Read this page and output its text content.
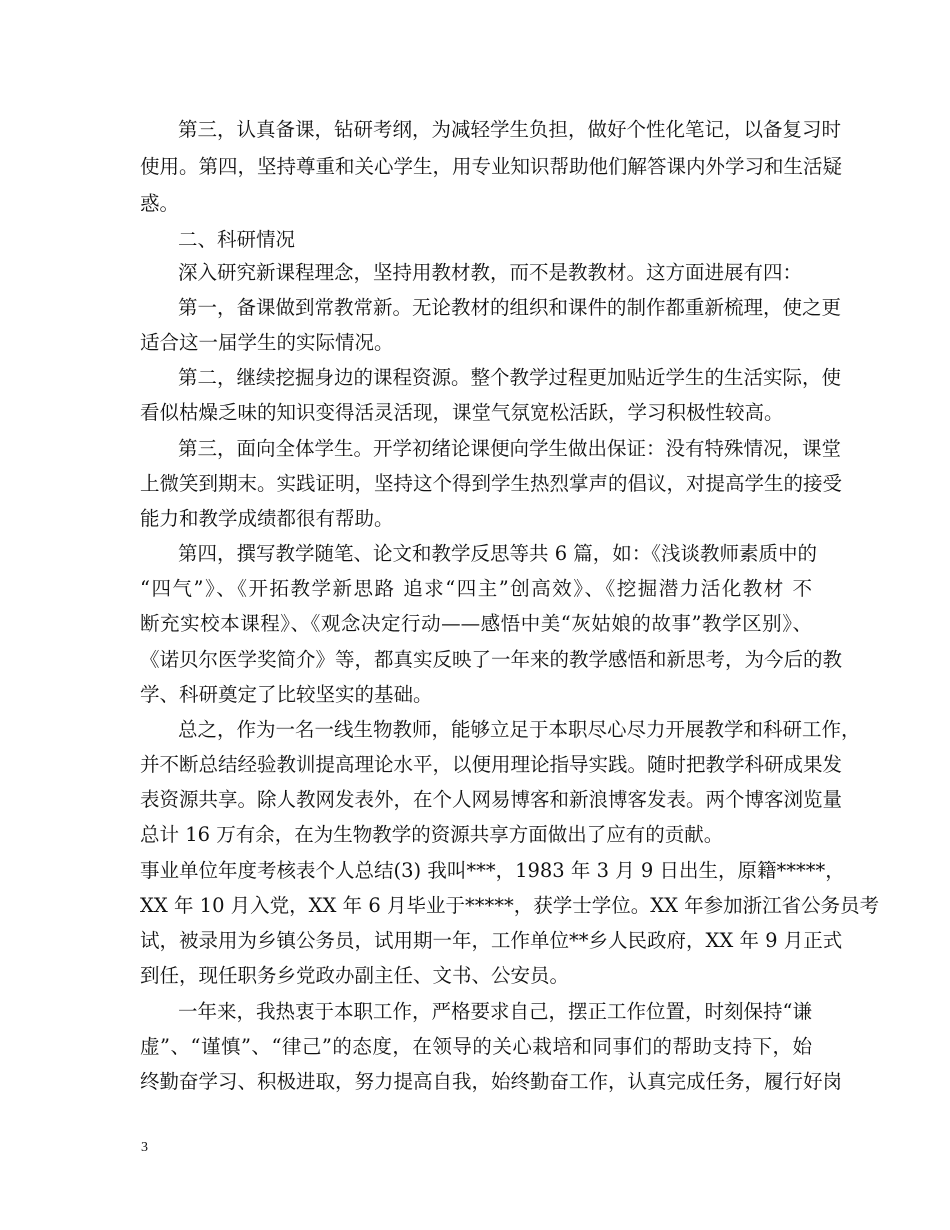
第三，认真备课，钻研考纲，为减轻学生负担，做好个性化笔记，以备复习时

使用。第四，坚持尊重和关心学生，用专业知识帮助他们解答课内外学习和生活疑

惑。

二、科研情况

深入研究新课程理念，坚持用教材教，而不是教教材。这方面进展有四：

第一，备课做到常教常新。无论教材的组织和课件的制作都重新梳理，使之更

适合这一届学生的实际情况。

第二，继续挖掘身边的课程资源。整个教学过程更加贴近学生的生活实际，使

看似枯燥乏味的知识变得活灵活现，课堂气氛宽松活跃，学习积极性较高。

第三，面向全体学生。开学初绪论课便向学生做出保证：没有特殊情况，课堂

上微笑到期末。实践证明，坚持这个得到学生热烈掌声的倡议，对提高学生的接受

能力和教学成绩都很有帮助。

第四，撰写教学随笔、论文和教学反思等共 6 篇，如：《浅谈教师素质中的

“四气”》、《开拓教学新思路 追求“四主”创高效》、《挖掘潜力活化教材 不

断充实校本课程》、《观念决定行动——感悟中美“灰姑娘的故事”教学区别》、

《诺贝尔医学奖简介》等，都真实反映了一年来的教学感悟和新思考，为今后的教

学、科研奠定了比较坚实的基础。

总之，作为一名一线生物教师，能够立足于本职尽心尽力开展教学和科研工作，

并不断总结经验教训提高理论水平，以便用理论指导实践。随时把教学科研成果发

表资源共享。除人教网发表外，在个人网易博客和新浪博客发表。两个博客浏览量

总计 16 万有余，在为生物教学的资源共享方面做出了应有的贡献。

事业单位年度考核表个人总结(3) 我叫***，1983 年 3 月 9 日出生，原籍*****，

XX 年 10 月入党，XX 年 6 月毕业于*****，获学士学位。XX 年参加浙江省公务员考

试，被录用为乡镇公务员，试用期一年，工作单位**乡人民政府，XX 年 9 月正式

到任，现任职务乡党政办副主任、文书、公安员。

一年来，我热衷于本职工作，严格要求自己，摆正工作位置，时刻保持“谦

虚”、“谨慎”、“律己”的态度，在领导的关心栽培和同事们的帮助支持下，始

终勤奋学习、积极进取，努力提高自我，始终勤奋工作，认真完成任务，履行好岗

3
